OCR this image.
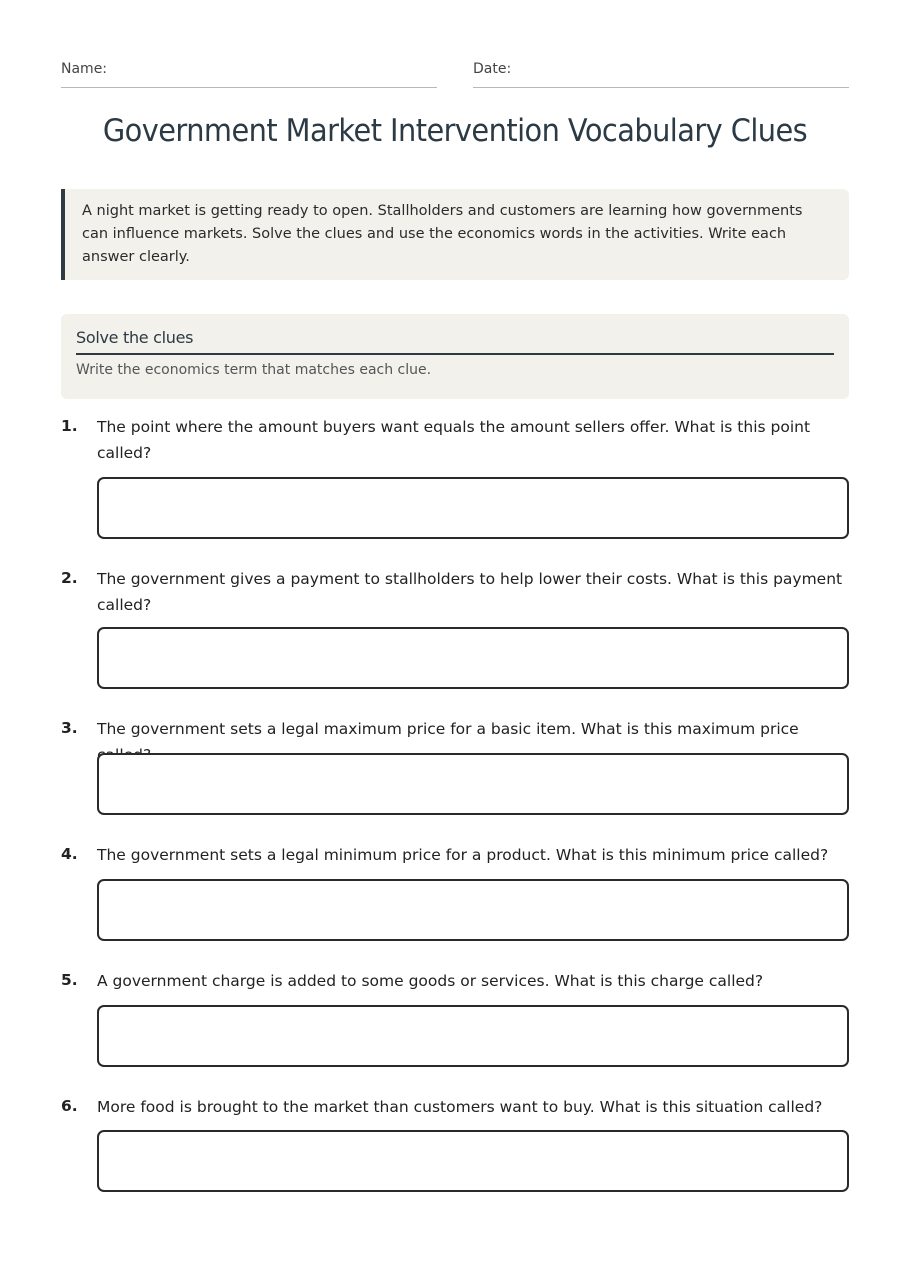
Name:	Date:
Government Market Intervention Vocabulary Clues
A night market is getting ready to open. Stallholders and customers are learning how governments can influence markets. Solve the clues and use the economics words in the activities. Write each answer clearly.
Solve the clues
Write the economics term that matches each clue.
1. The point where the amount buyers want equals the amount sellers offer. What is this point called?
2. The government gives a payment to stallholders to help lower their costs. What is this payment called?
3. The government sets a legal maximum price for a basic item. What is this maximum price
4. The government sets a legal minimum price for a product. What is this minimum price called?
5. A government charge is added to some goods or services. What is this charge called?
6. More food is brought to the market than customers want to buy. What is this situation called?
